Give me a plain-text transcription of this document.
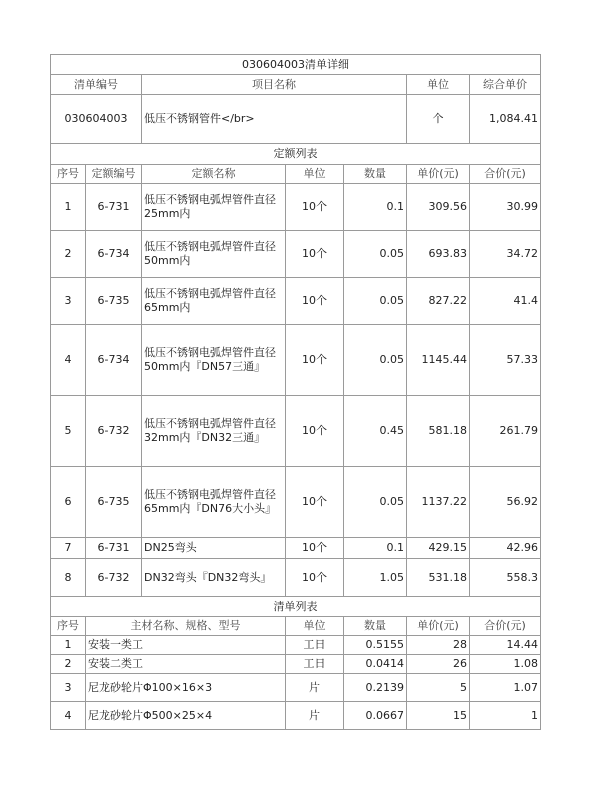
030604003清单详细						
清单编号		项目名称			单位	综合单价
030604003		低压不锈钢管件</br>			个	1,084.41
定额列表						
序号	定额编号	定额名称	单位	数量	单价(元)	合价(元)
1	6-731	低压不锈钢电弧焊管件直径25mm内	10个	0.1	309.56	30.99
2	6-734	低压不锈钢电弧焊管件直径50mm内	10个	0.05	693.83	34.72
3	6-735	低压不锈钢电弧焊管件直径65mm内	10个	0.05	827.22	41.4
4	6-734	低压不锈钢电弧焊管件直径50mm内『DN57三通』	10个	0.05	1145.44	57.33
5	6-732	低压不锈钢电弧焊管件直径32mm内『DN32三通』	10个	0.45	581.18	261.79
6	6-735	低压不锈钢电弧焊管件直径65mm内『DN76大小头』	10个	0.05	1137.22	56.92
7	6-731	DN25弯头	10个	0.1	429.15	42.96
8	6-732	DN32弯头『DN32弯头』	10个	1.05	531.18	558.3
清单列表						
序号	主材名称、规格、型号		单位	数量	单价(元)	合价(元)
1	安装一类工		工日	0.5155	28	14.44
2	安装二类工		工日	0.0414	26	1.08
3	尼龙砂轮片Φ100×16×3		片	0.2139	5	1.07
4	尼龙砂轮片Φ500×25×4		片	0.0667	15	1
